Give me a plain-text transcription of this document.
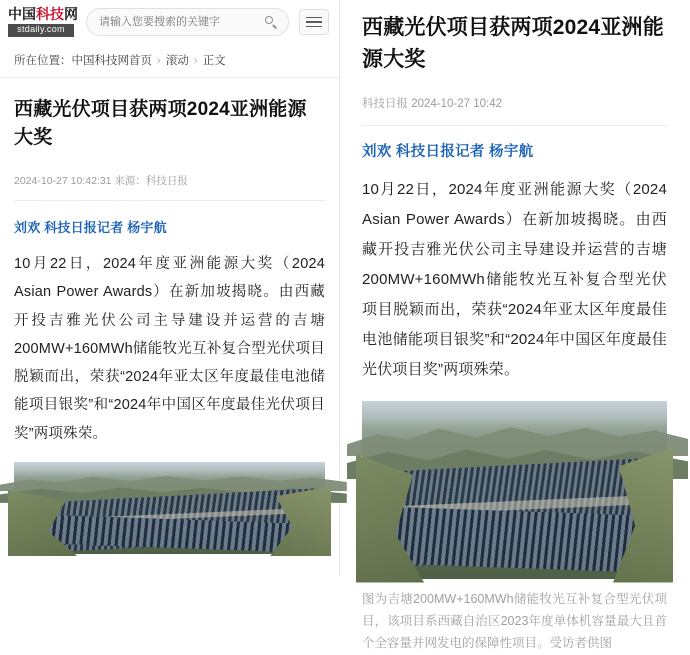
中国科技网
stdaily.com
请输入您要搜索的关键字
所在位置：中国科技网首页 › 滚动 › 正文
西藏光伏项目获两项2024亚洲能源大奖
2024-10-27 10:42:31 来源：科技日报
刘欢 科技日报记者 杨宇航

10月22日，2024年度亚洲能源大奖（2024 Asian Power Awards）在新加坡揭晓。由西藏开投吉雅光伏公司主导建设并运营的吉塘200MW+160MWh储能牧光互补复合型光伏项目脱颖而出，荣获“2024年亚太区年度最佳电池储能项目银奖”和“2024年中国区年度最佳光伏项目奖”两项殊荣。

西藏光伏项目获两项2024亚洲能源大奖
科技日报 2024-10-27 10:42
刘欢 科技日报记者 杨宇航

10月22日，2024年度亚洲能源大奖（2024 Asian Power Awards）在新加坡揭晓。由西藏开投吉雅光伏公司主导建设并运营的吉塘200MW+160MWh储能牧光互补复合型光伏项目脱颖而出，荣获“2024年亚太区年度最佳电池储能项目银奖”和“2024年中国区年度最佳光伏项目奖”两项殊荣。

图为吉塘200MW+160MWh储能牧光互补复合型光伏项目，该项目系西藏自治区2023年度单体机容量最大且首个全容量并网发电的保障性项目。受访者供图
